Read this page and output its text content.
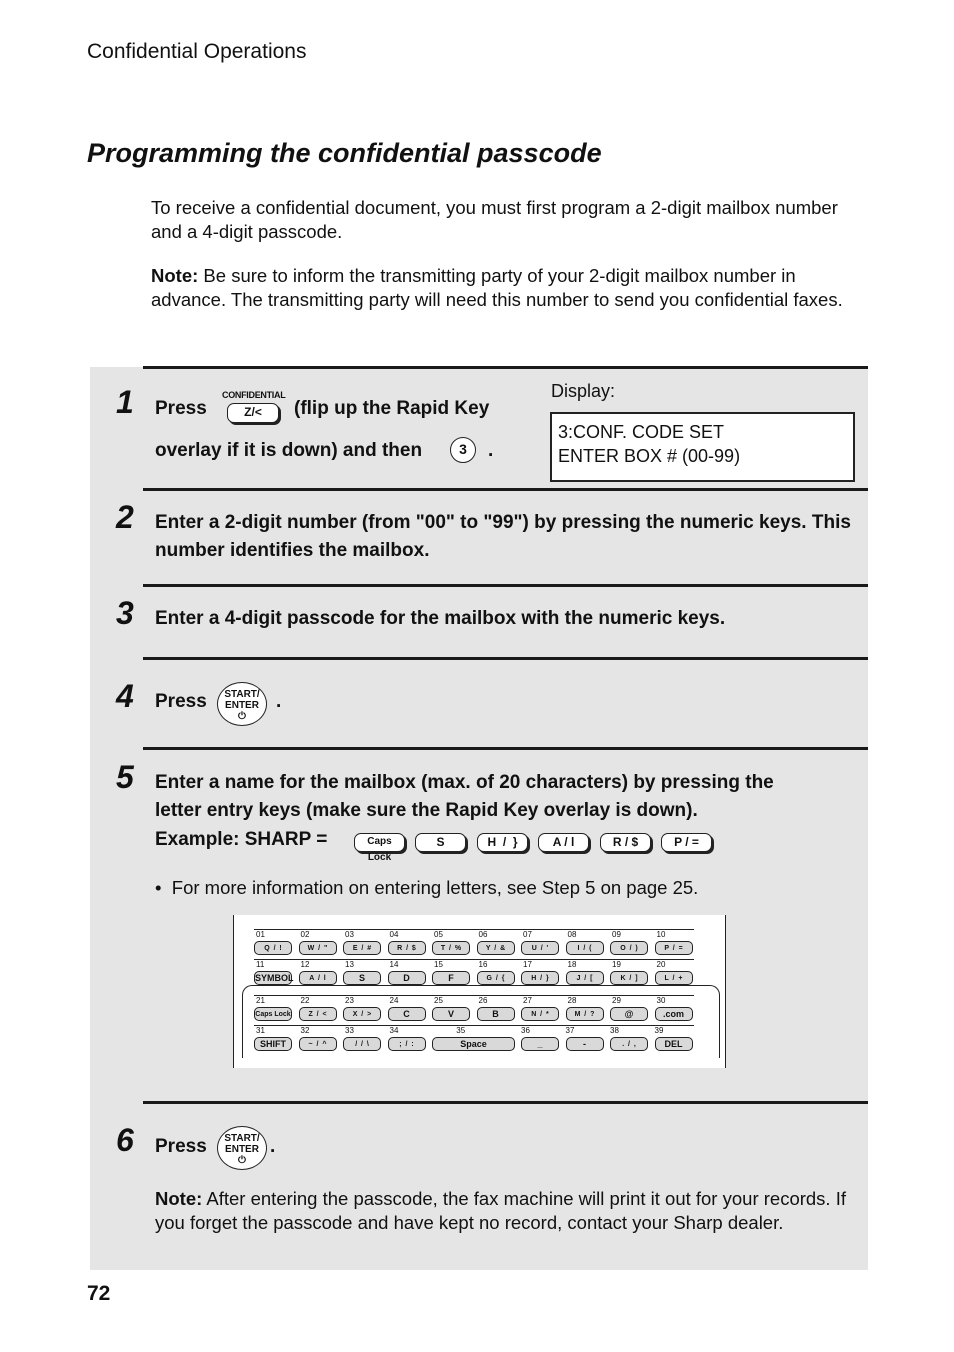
Confidential Operations
Programming the confidential passcode
To receive a confidential document, you must first program a 2-digit mailbox number and a 4-digit passcode.
Note: Be sure to inform the transmitting party of your 2-digit mailbox number in advance. The transmitting party will need this number to send you confidential faxes.
1 Press
CONFIDENTIAL
Z/<	(flip up the Rapid Key
overlay if it is down) and then	3	.
Display:
3:CONF. CODE SET
ENTER BOX # (00-99)
2 Enter a 2-digit number (from "00" to "99") by pressing the numeric keys. This number identifies the mailbox.
3 Enter a 4-digit passcode for the mailbox with the numeric keys.
4 Press	START/
ENTER
⏻
.
5 Enter a name for the mailbox (max. of 20 characters) by pressing the
letter entry keys (make sure the Rapid Key overlay is down).
Example: SHARP =	Caps Lock
S	H  /  }	A / l	R / $	P / =
•  For more information on entering letters, see Step 5 on page 25.
01	02	03	04	05	06	07	08	09	10
Q  /  !	W  /  "	E  /  #	R  /  $	T  /  %	Y  /  &	U  /  '	I  /  (	O  /  )	P  /  =
11	12	13	14	15	16	17	18	19	20
SYMBOL	A  /  l	S	D	F	G  /  {	H  /  }	J  /  [	K  /  ]	L  /  +
21	22	23	24	25	26	27	28	29	30
Caps Lock	Z  /  <	X  /  >	C	V	B	N  /  *	M  /  ?	@	.com
31	32	33	34	35	36	37	38	39
SHIFT	~  /  ^	/  /  \	;  /  :	Space	_	-	.  /  ,	DEL
6 Press	START/
ENTER
⏻
.
Note: After entering the passcode, the fax machine will print it out for your records. If you forget the passcode and have kept no record, contact your Sharp dealer.
72
